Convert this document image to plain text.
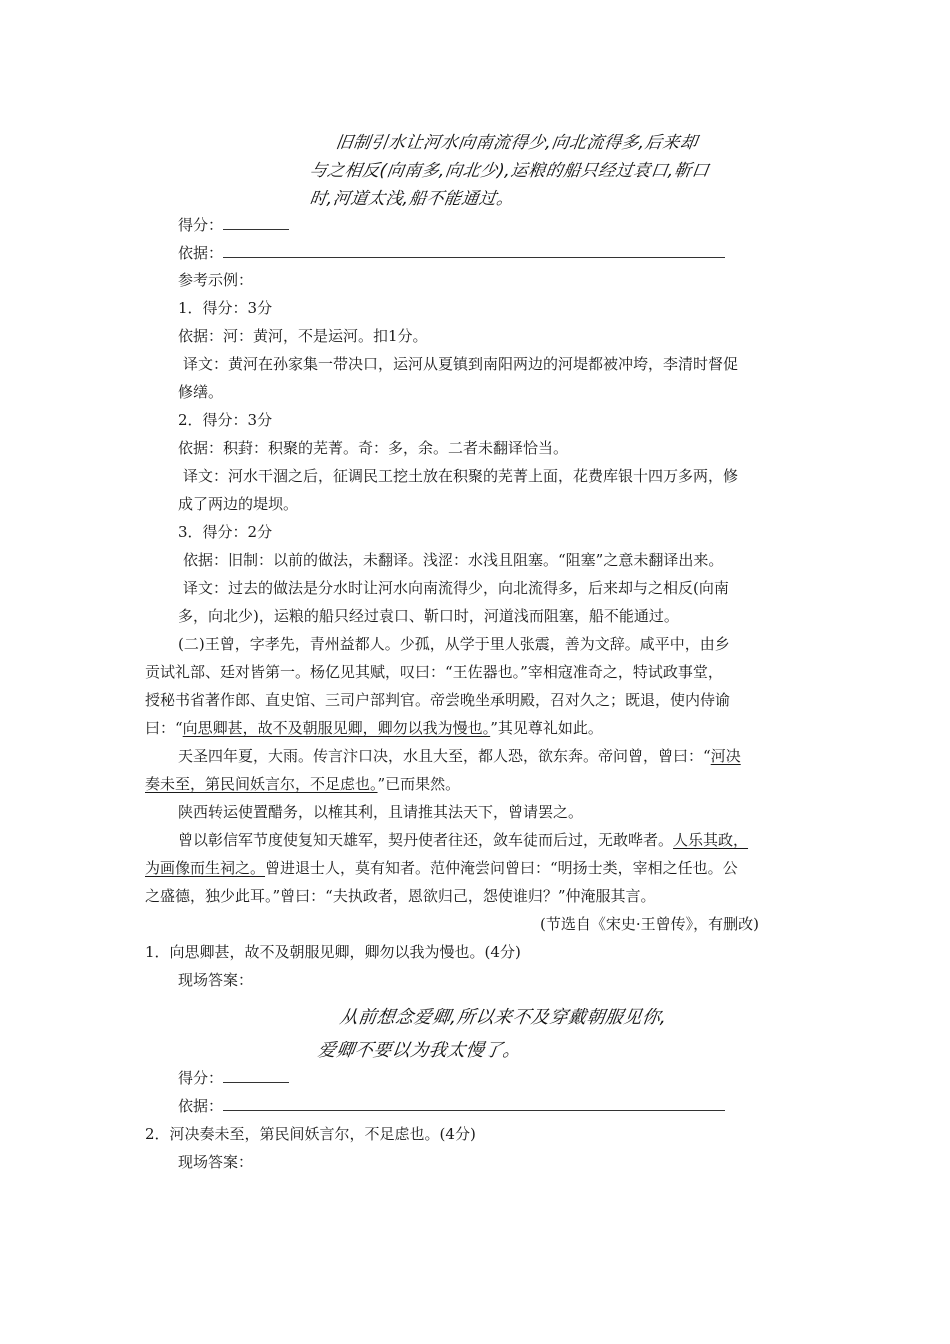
旧制引水让河水向南流得少,向北流得多,后来却
与之相反(向南多,向北少),运粮的船只经过袁口,靳口
时,河道太浅,船不能通过。
得分：
依据：
参考示例：
1．得分：3分
依据：河：黄河，不是运河。扣1分。
译文：黄河在孙家集一带决口，运河从夏镇到南阳两边的河堤都被冲垮，李清时督促
修缮。
2．得分：3分
依据：积葑：积聚的芜菁。奇：多，余。二者未翻译恰当。
译文：河水干涸之后，征调民工挖土放在积聚的芜菁上面，花费库银十四万多两，修
成了两边的堤坝。
3．得分：2分
依据：旧制：以前的做法，未翻译。浅涩：水浅且阻塞。“阻塞”之意未翻译出来。
译文：过去的做法是分水时让河水向南流得少，向北流得多，后来却与之相反(向南
多，向北少)，运粮的船只经过袁口、靳口时，河道浅而阻塞，船不能通过。
(二)王曾，字孝先，青州益都人。少孤，从学于里人张震，善为文辞。咸平中，由乡
贡试礼部、廷对皆第一。杨亿见其赋，叹曰：“王佐器也。”宰相寇准奇之，特试政事堂，
授秘书省著作郎、直史馆、三司户部判官。帝尝晚坐承明殿，召对久之；既退，使内侍谕
曰：“向思卿甚，故不及朝服见卿，卿勿以我为慢也。”其见尊礼如此。
天圣四年夏，大雨。传言汴口决，水且大至，都人恐，欲东奔。帝问曾，曾曰：“河决
奏未至，第民间妖言尔，不足虑也。”已而果然。
陕西转运使置醋务，以榷其利，且请推其法天下，曾请罢之。
曾以彰信军节度使复知天雄军，契丹使者往还，敛车徒而后过，无敢哗者。人乐其政，
为画像而生祠之。曾进退士人，莫有知者。范仲淹尝问曾曰：“明扬士类，宰相之任也。公
之盛德，独少此耳。”曾曰：“夫执政者，恩欲归己，怨使谁归？”仲淹服其言。
(节选自《宋史·王曾传》，有删改)
1．向思卿甚，故不及朝服见卿，卿勿以我为慢也。(4分)
现场答案：
从前想念爱卿,所以来不及穿戴朝服见你,
爱卿不要以为我太慢了。
得分：
依据：
2．河决奏未至，第民间妖言尔，不足虑也。(4分)
现场答案：
